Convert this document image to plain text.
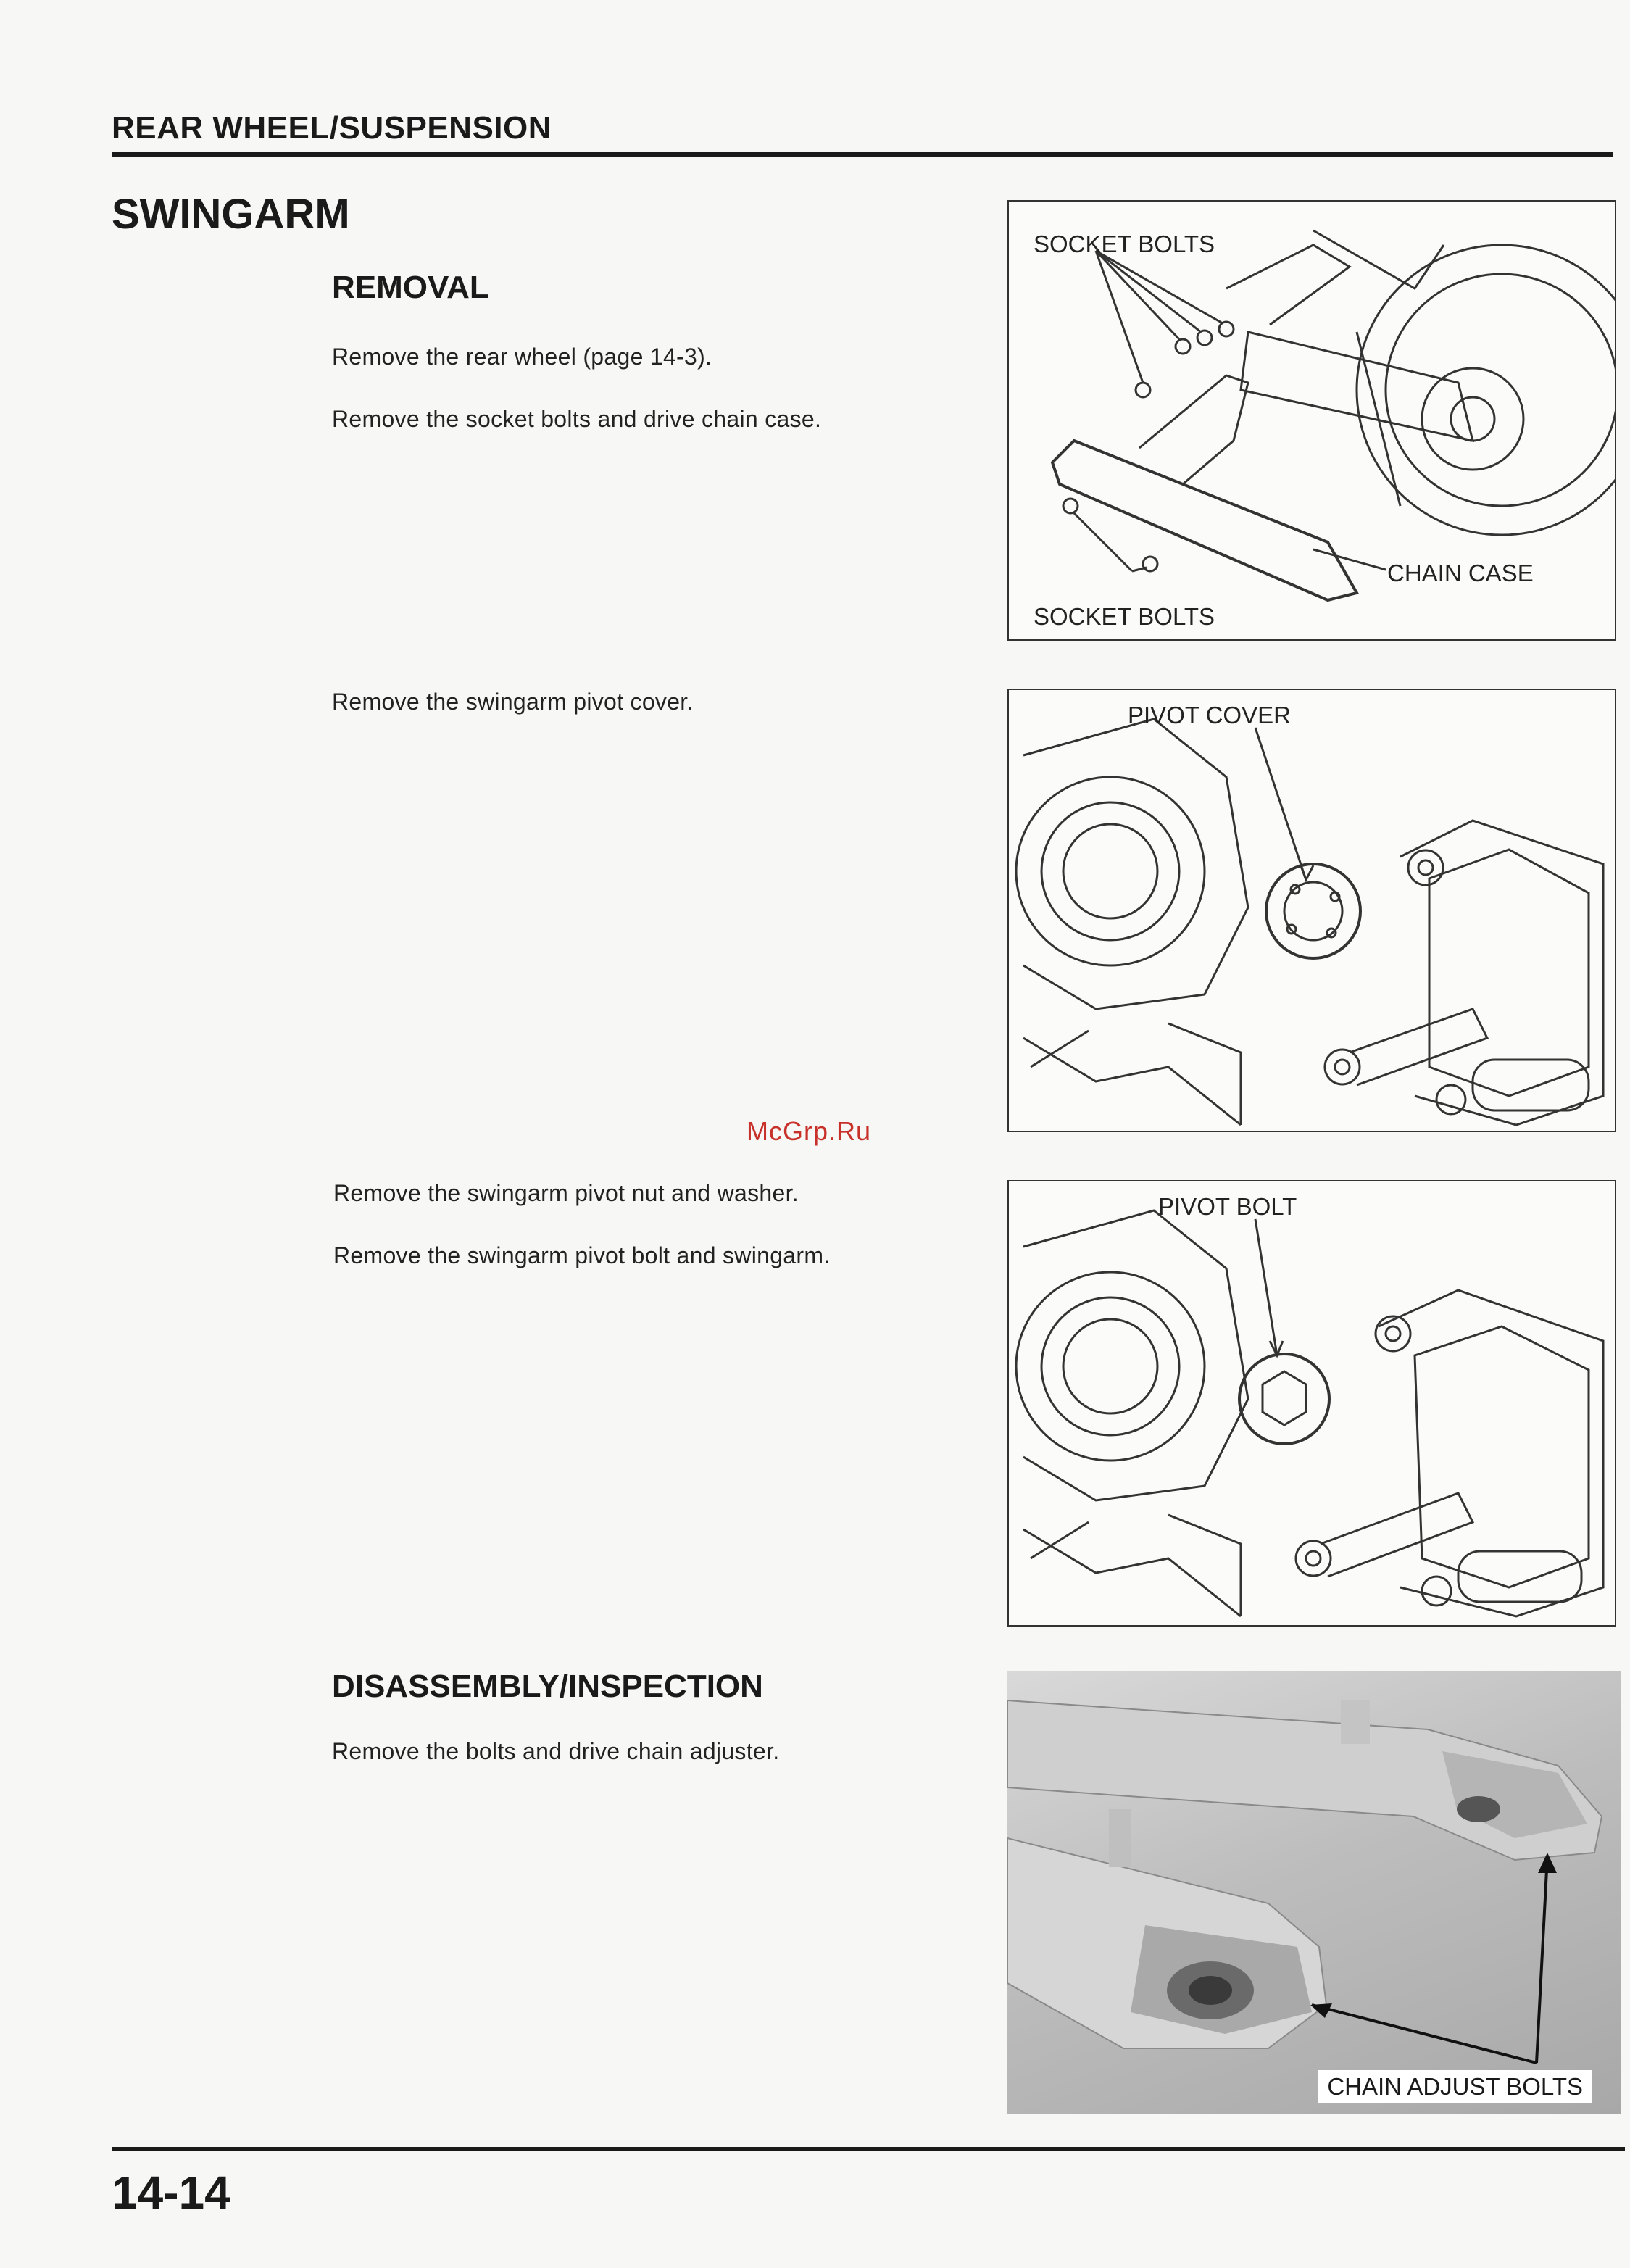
REAR WHEEL/SUSPENSION
SWINGARM
REMOVAL
Remove the rear wheel (page 14-3).
Remove the socket bolts and drive chain case.
Remove the swingarm pivot cover.
Remove the swingarm pivot nut and washer.
Remove the swingarm pivot bolt and swingarm.
DISASSEMBLY/INSPECTION
Remove the bolts and drive chain adjuster.
SOCKET BOLTS
SOCKET BOLTS
CHAIN CASE
PIVOT COVER
McGrp.Ru
PIVOT BOLT
CHAIN ADJUST BOLTS
14-14
